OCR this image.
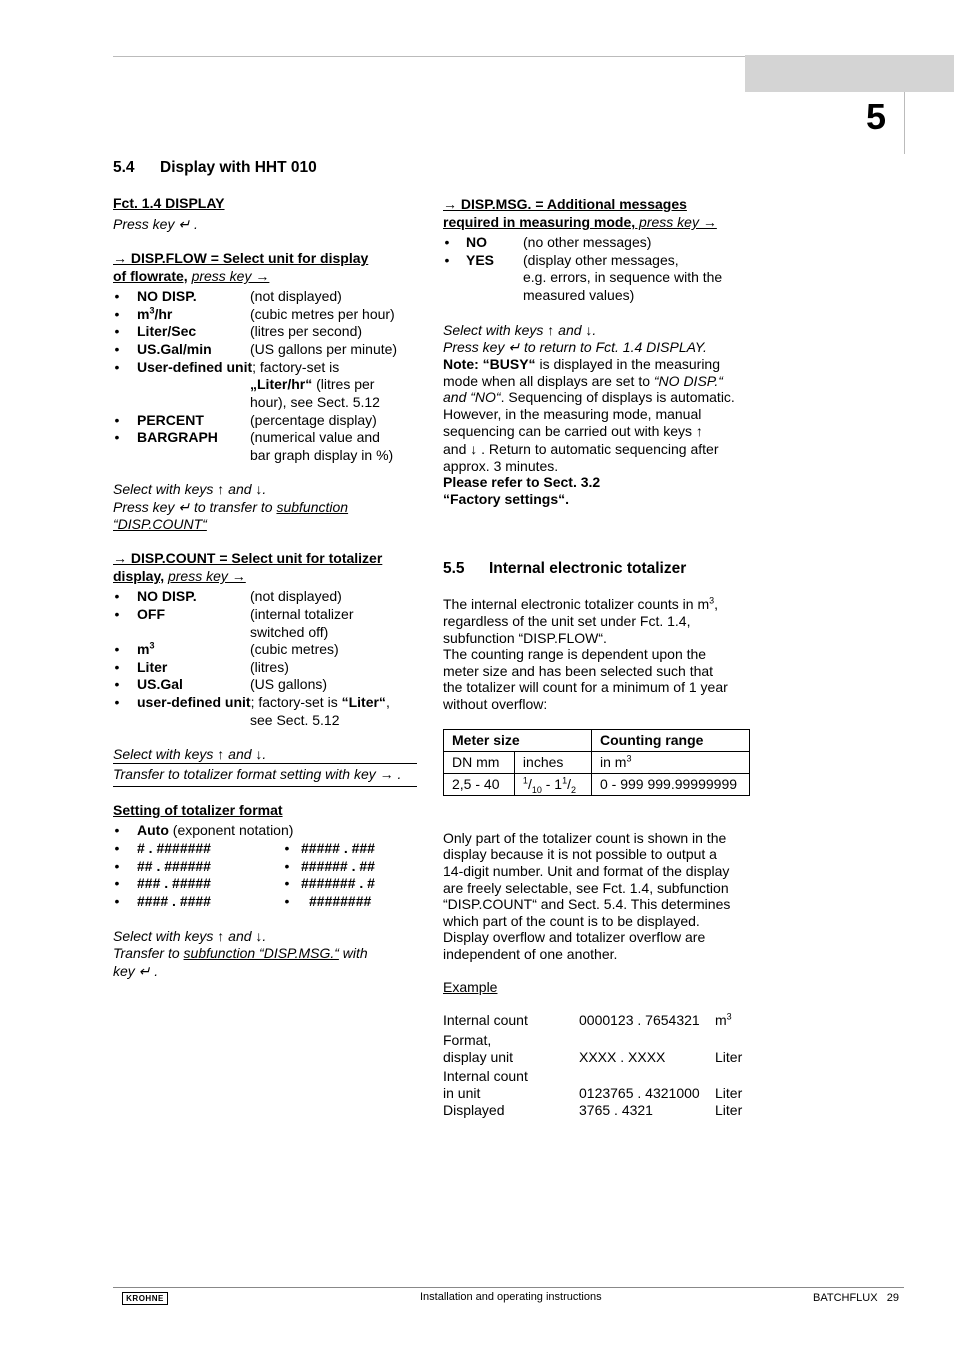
5
5.4 Display with HHT 010
Fct. 1.4 DISPLAY
Press key ↵ .
→ DISP.FLOW = Select unit for display
of flowrate, press key →
• NO DISP.	(not displayed)
• $m^3/hr$	(cubic metres per hour)
• Liter/Sec	(litres per second)
• US.Gal/min	(US gallons per minute)
• User-defined unit; factory-set is
„Liter/hr“ (litres per
hour), see Sect. 5.12
• PERCENT	(percentage display)
• BARGRAPH (numerical value and
bar graph display in %)
Select with keys ↑ and ↓.
Press key ↵ to transfer to subfunction
“DISP.COUNT“
→ DISP.COUNT = Select unit for totalizer
display, press key →
• NO DISP.	(not displayed)
• OFF	(internal totalizer
switched off)
• $m^3$	(cubic metres)
• Liter	(litres)
• US.Gal	(US gallons)
• user-defined unit; factory-set is “Liter“,
see Sect. 5.12
Select with keys ↑ and ↓.
Transfer to totalizer format setting with key → .
Setting of totalizer format
• Auto (exponent notation)
• # . #######	• ##### . ###
• ## . ######	• ###### . ##
• ### . #####	• ####### . #
• #### . ####	• ########
Select with keys ↑ and ↓.
Transfer to subfunction “DISP.MSG.“ with
key ↵ .
→ DISP.MSG. = Additional messages
required in measuring mode, press key →
• NO	(no other messages)
• YES (display other messages,
e.g. errors, in sequence with the
measured values)
Select with keys ↑ and ↓.
Press key ↵ to return to Fct. 1.4 DISPLAY.
Note: “BUSY“ is displayed in the measuring
mode when all displays are set to “NO DISP.“
and “NO“. Sequencing of displays is automatic.
However, in the measuring mode, manual
sequencing can be carried out with keys ↑
and ↓ . Return to automatic sequencing after
approx. 3 minutes.
Please refer to Sect. 3.2
“Factory settings“.
5.5 Internal electronic totalizer
The internal electronic totalizer counts in $m^3$,
regardless of the unit set under Fct. 1.4,
subfunction “DISP.FLOW“.
The counting range is dependent upon the
meter size and has been selected such that
the totalizer will count for a minimum of 1 year
without overflow:
Meter size		Counting range
DN mm	inches	in $m^3$
2,5 - 40	$^1/_{10} - 1^1/_2$	0 - 999 999.99999999
Only part of the totalizer count is shown in the
display because it is not possible to output a
14-digit number. Unit and format of the display
are freely selectable, see Fct. 1.4, subfunction
“DISP.COUNT“ and Sect. 5.4. This determines
which part of the count is to be displayed.
Display overflow and totalizer overflow are
independent of one another.
Example
Internal count	0000123 . 7654321 $m^3$
Format,
display unit	XXXX . XXXX	Liter
Internal count
in unit	0123765 . 4321000 Liter
Displayed	3765 . 4321	Liter
KROHNE	Installation and operating instructions	BATCHFLUX   29
